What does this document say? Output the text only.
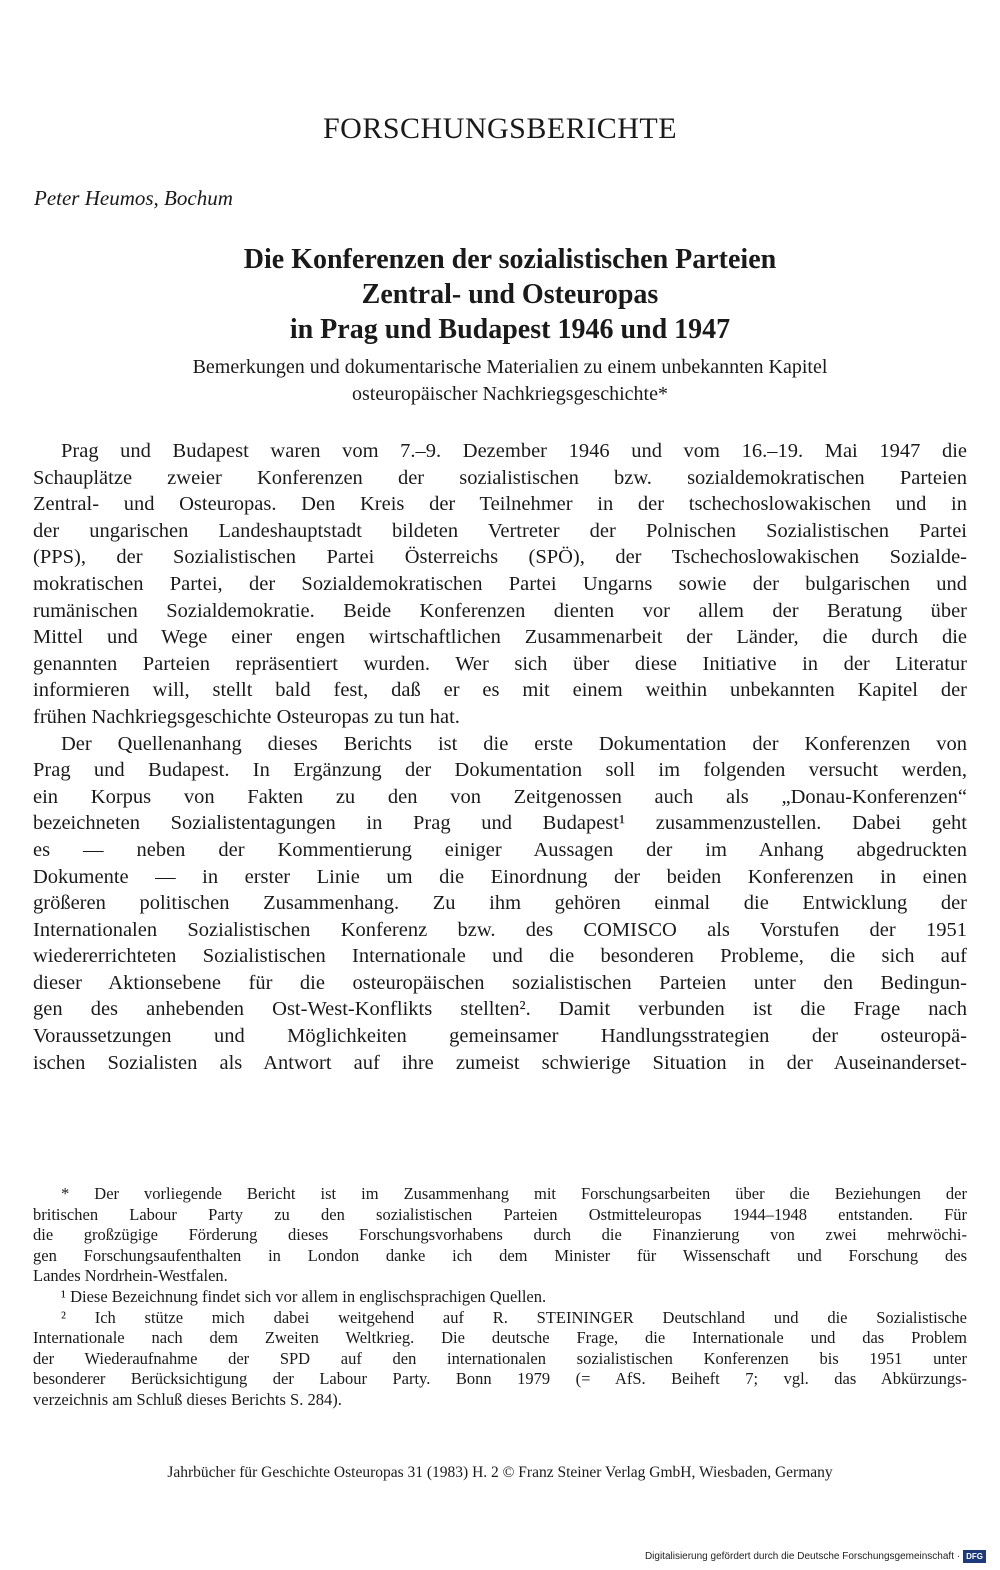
FORSCHUNGSBERICHTE
Peter Heumos, Bochum
Die Konferenzen der sozialistischen Parteien
Zentral- und Osteuropas
in Prag und Budapest 1946 und 1947
Bemerkungen und dokumentarische Materialien zu einem unbekannten Kapitel
osteuropäischer Nachkriegsgeschichte*
Prag und Budapest waren vom 7.–9. Dezember 1946 und vom 16.–19. Mai 1947 die
Schauplätze zweier Konferenzen der sozialistischen bzw. sozialdemokratischen Parteien
Zentral- und Osteuropas. Den Kreis der Teilnehmer in der tschechoslowakischen und in
der ungarischen Landeshauptstadt bildeten Vertreter der Polnischen Sozialistischen Partei
(PPS), der Sozialistischen Partei Österreichs (SPÖ), der Tschechoslowakischen Sozialde-
mokratischen Partei, der Sozialdemokratischen Partei Ungarns sowie der bulgarischen und
rumänischen Sozialdemokratie. Beide Konferenzen dienten vor allem der Beratung über
Mittel und Wege einer engen wirtschaftlichen Zusammenarbeit der Länder, die durch die
genannten Parteien repräsentiert wurden. Wer sich über diese Initiative in der Literatur
informieren will, stellt bald fest, daß er es mit einem weithin unbekannten Kapitel der
frühen Nachkriegsgeschichte Osteuropas zu tun hat.
Der Quellenanhang dieses Berichts ist die erste Dokumentation der Konferenzen von
Prag und Budapest. In Ergänzung der Dokumentation soll im folgenden versucht werden,
ein Korpus von Fakten zu den von Zeitgenossen auch als „Donau-Konferenzen“
bezeichneten Sozialistentagungen in Prag und Budapest¹ zusammenzustellen. Dabei geht
es — neben der Kommentierung einiger Aussagen der im Anhang abgedruckten
Dokumente — in erster Linie um die Einordnung der beiden Konferenzen in einen
größeren politischen Zusammenhang. Zu ihm gehören einmal die Entwicklung der
Internationalen Sozialistischen Konferenz bzw. des COMISCO als Vorstufen der 1951
wiedererrichteten Sozialistischen Internationale und die besonderen Probleme, die sich auf
dieser Aktionsebene für die osteuropäischen sozialistischen Parteien unter den Bedingun-
gen des anhebenden Ost-West-Konflikts stellten². Damit verbunden ist die Frage nach
Voraussetzungen und Möglichkeiten gemeinsamer Handlungsstrategien der osteuropä-
ischen Sozialisten als Antwort auf ihre zumeist schwierige Situation in der Auseinanderset-
* Der vorliegende Bericht ist im Zusammenhang mit Forschungsarbeiten über die Beziehungen der
britischen Labour Party zu den sozialistischen Parteien Ostmitteleuropas 1944–1948 entstanden. Für
die großzügige Förderung dieses Forschungsvorhabens durch die Finanzierung von zwei mehrwöchi-
gen Forschungsaufenthalten in London danke ich dem Minister für Wissenschaft und Forschung des
Landes Nordrhein-Westfalen.
¹ Diese Bezeichnung findet sich vor allem in englischsprachigen Quellen.
² Ich stütze mich dabei weitgehend auf R. STEININGER Deutschland und die Sozialistische
Internationale nach dem Zweiten Weltkrieg. Die deutsche Frage, die Internationale und das Problem
der Wiederaufnahme der SPD auf den internationalen sozialistischen Konferenzen bis 1951 unter
besonderer Berücksichtigung der Labour Party. Bonn 1979 (= AfS. Beiheft 7; vgl. das Abkürzungs-
verzeichnis am Schluß dieses Berichts S. 284).
Jahrbücher für Geschichte Osteuropas 31 (1983) H. 2 © Franz Steiner Verlag GmbH, Wiesbaden, Germany
Digitalisierung gefördert durch die Deutsche Forschungsgemeinschaft · DFG
